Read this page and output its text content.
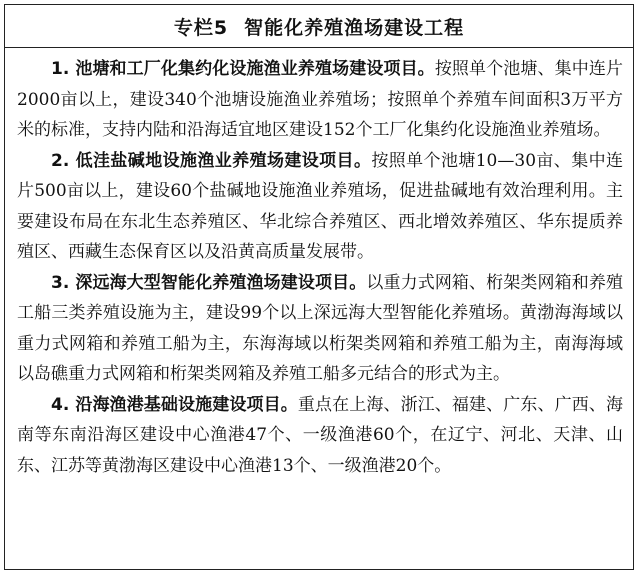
专栏5 智能化养殖渔场建设工程

1. 池塘和工厂化集约化设施渔业养殖场建设项目。按照单个池塘、集中连片2000亩以上，建设340个池塘设施渔业养殖场；按照单个养殖车间面积3万平方米的标准，支持内陆和沿海适宜地区建设152个工厂化集约化设施渔业养殖场。

2. 低洼盐碱地设施渔业养殖场建设项目。按照单个池塘10—30亩、集中连片500亩以上，建设60个盐碱地设施渔业养殖场，促进盐碱地有效治理利用。主要建设布局在东北生态养殖区、华北综合养殖区、西北增效养殖区、华东提质养殖区、西藏生态保育区以及沿黄高质量发展带。

3. 深远海大型智能化养殖渔场建设项目。以重力式网箱、桁架类网箱和养殖工船三类养殖设施为主，建设99个以上深远海大型智能化养殖场。黄渤海海域以重力式网箱和养殖工船为主，东海海域以桁架类网箱和养殖工船为主，南海海域以岛礁重力式网箱和桁架类网箱及养殖工船多元结合的形式为主。

4. 沿海渔港基础设施建设项目。重点在上海、浙江、福建、广东、广西、海南等东南沿海区建设中心渔港47个、一级渔港60个，在辽宁、河北、天津、山东、江苏等黄渤海区建设中心渔港13个、一级渔港20个。
